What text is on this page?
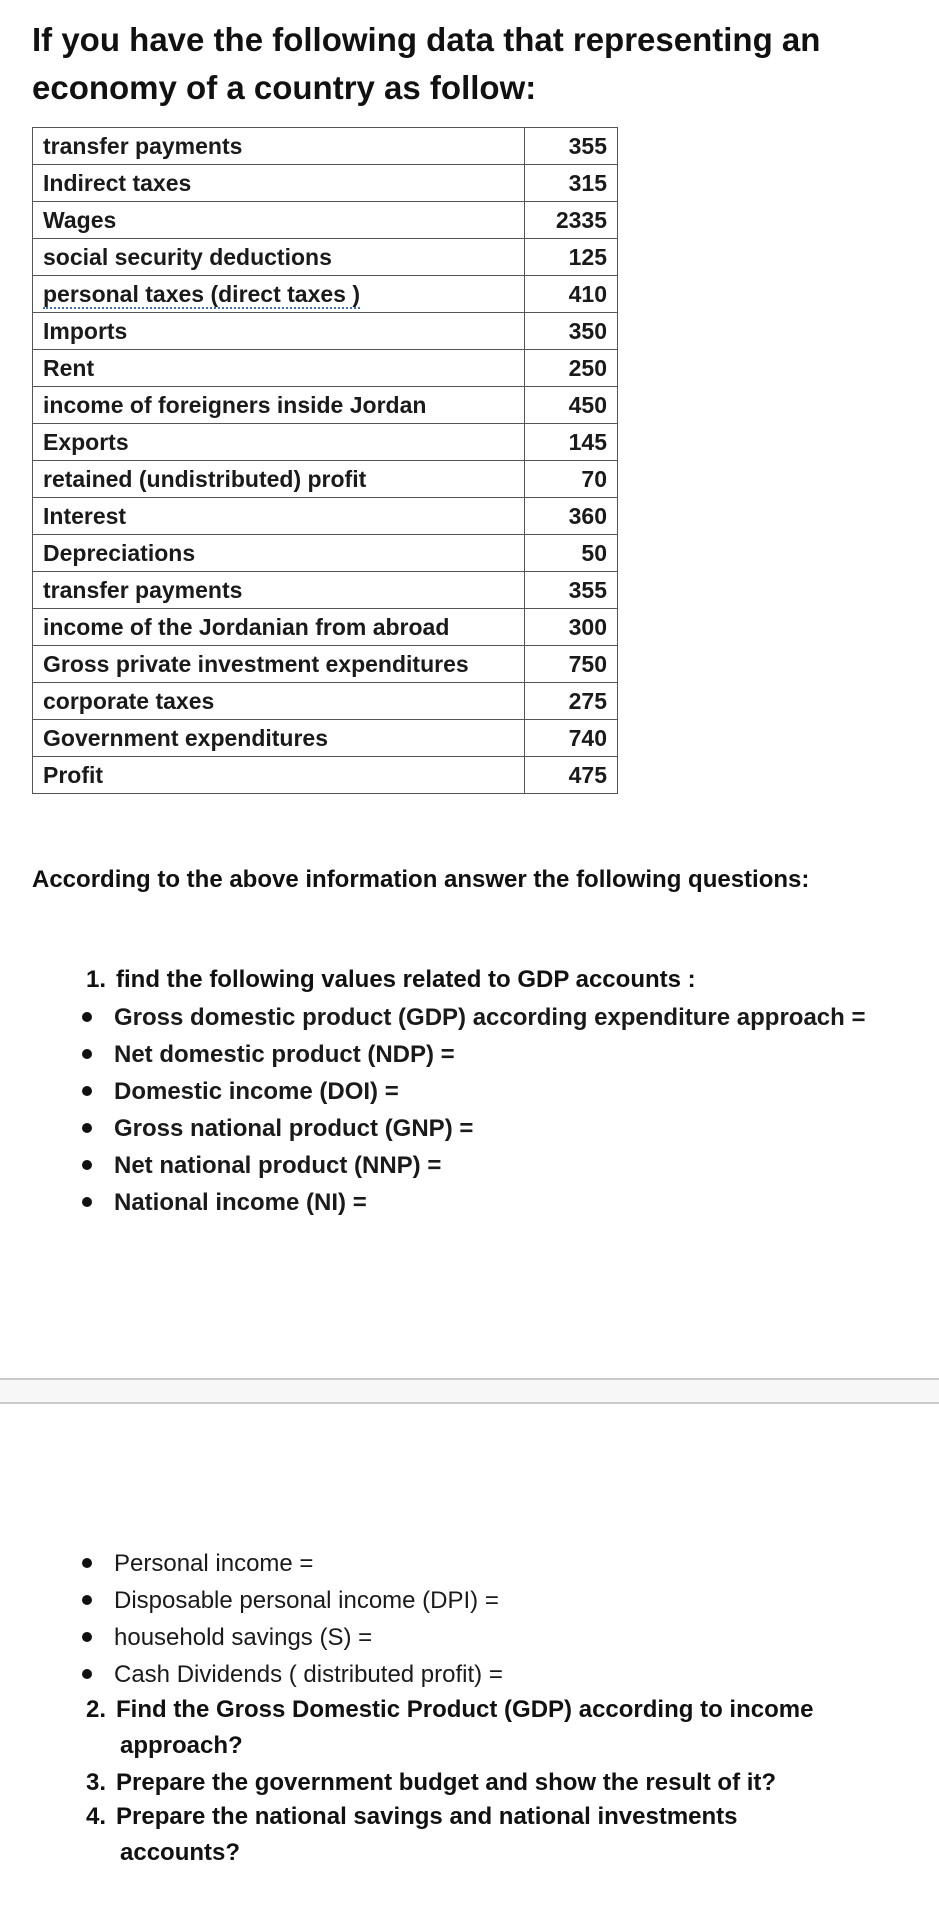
If you have the following data that representing an economy of a country as follow:
transfer payments	355
Indirect taxes	315
Wages	2335
social security deductions	125
personal taxes (direct taxes )	410
Imports	350
Rent	250
income of foreigners inside Jordan	450
Exports	145
retained (undistributed) profit	70
Interest	360
Depreciations	50
transfer payments	355
income of the Jordanian from abroad	300
Gross private investment expenditures	750
corporate taxes	275
Government expenditures	740
Profit	475

According to the above information answer the following questions:

1. find the following values related to GDP accounts :
Gross domestic product (GDP) according expenditure approach =
Net domestic product (NDP) =
Domestic income (DOI) =
Gross national product (GNP) =
Net national product (NNP) =
National income (NI) =
Personal income =
Disposable personal income (DPI) =
household savings (S) =
Cash Dividends ( distributed profit) =
2. Find the Gross Domestic Product (GDP) according to income
approach?
3. Prepare the government budget and show the result of it?
4. Prepare the national savings and national investments
accounts?
